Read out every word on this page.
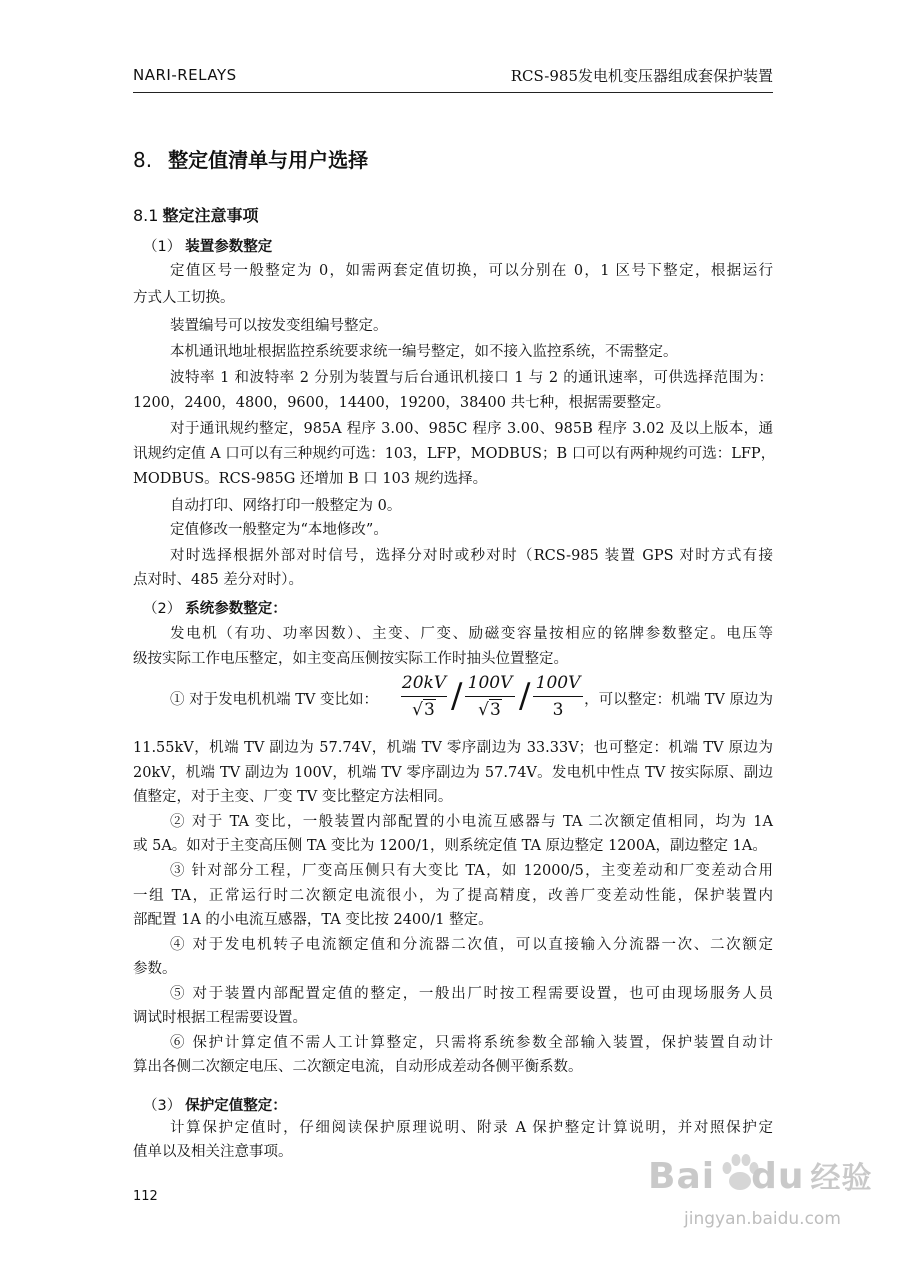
NARI-RELAYS	RCS-985发电机变压器组成套保护装置
8. 整定值清单与用户选择
8.1 整定注意事项
（1） 装置参数整定
定值区号一般整定为 0，如需两套定值切换，可以分别在 0，1 区号下整定，根据运行
方式人工切换。
装置编号可以按发变组编号整定。
本机通讯地址根据监控系统要求统一编号整定，如不接入监控系统，不需整定。
波特率 1 和波特率 2 分别为装置与后台通讯机接口 1 与 2 的通讯速率，可供选择范围为：
1200，2400，4800，9600，14400，19200，38400 共七种，根据需要整定。
对于通讯规约整定，985A 程序 3.00、985C 程序 3.00、985B 程序 3.02 及以上版本，通
讯规约定值 A 口可以有三种规约可选：103，LFP，MODBUS；B 口可以有两种规约可选：LFP，
MODBUS。RCS-985G 还增加 B 口 103 规约选择。
自动打印、网络打印一般整定为 0。
定值修改一般整定为“本地修改”。
对时选择根据外部对时信号，选择分对时或秒对时（RCS-985 装置 GPS 对时方式有接
点对时、485 差分对时）。
（2） 系统参数整定：
发电机（有功、功率因数）、主变、厂变、励磁变容量按相应的铭牌参数整定。电压等
级按实际工作电压整定，如主变高压侧按实际工作时抽头位置整定。
① 对于发电机机端 TV 变比如：
20kV
√3 / 100V
√3 / 100V
3	，可以整定：机端 TV 原边为
11.55kV，机端 TV 副边为 57.74V，机端 TV 零序副边为 33.33V；也可整定：机端 TV 原边为
20kV，机端 TV 副边为 100V，机端 TV 零序副边为 57.74V。发电机中性点 TV 按实际原、副边
值整定，对于主变、厂变 TV 变比整定方法相同。
② 对于 TA 变比，一般装置内部配置的小电流互感器与 TA 二次额定值相同，均为 1A
或 5A。如对于主变高压侧 TA 变比为 1200/1，则系统定值 TA 原边整定 1200A，副边整定 1A。
③ 针对部分工程，厂变高压侧只有大变比 TA，如 12000/5，主变差动和厂变差动合用
一组 TA，正常运行时二次额定电流很小，为了提高精度，改善厂变差动性能，保护装置内
部配置 1A 的小电流互感器，TA 变比按 2400/1 整定。
④ 对于发电机转子电流额定值和分流器二次值，可以直接输入分流器一次、二次额定
参数。
⑤ 对于装置内部配置定值的整定，一般出厂时按工程需要设置，也可由现场服务人员
调试时根据工程需要设置。
⑥ 保护计算定值不需人工计算整定，只需将系统参数全部输入装置，保护装置自动计
算出各侧二次额定电压、二次额定电流，自动形成差动各侧平衡系数。
（3） 保护定值整定：
计算保护定值时，仔细阅读保护原理说明、附录 A 保护整定计算说明，并对照保护定
值单以及相关注意事项。
112	Bai du 经验
jingyan.baidu.com
